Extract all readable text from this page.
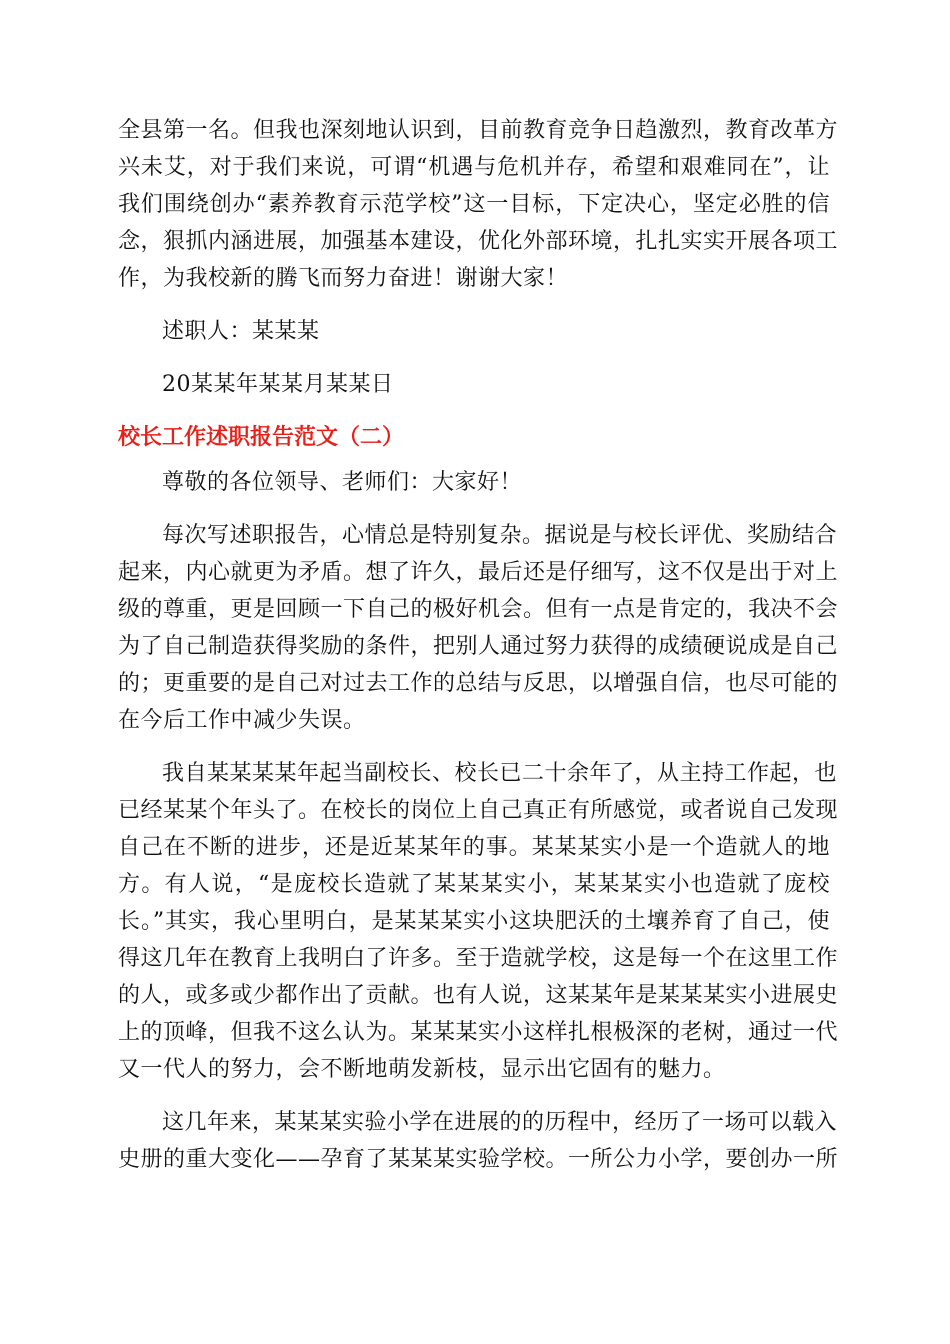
全县第一名。但我也深刻地认识到，目前教育竞争日趋激烈，教育改革方
兴未艾，对于我们来说，可谓“机遇与危机并存，希望和艰难同在”，让
我们围绕创办“素养教育示范学校”这一目标，下定决心，坚定必胜的信
念，狠抓内涵进展，加强基本建设，优化外部环境，扎扎实实开展各项工
作，为我校新的腾飞而努力奋进！谢谢大家！
述职人：某某某
20某某年某某月某某日
校长工作述职报告范文（二）
尊敬的各位领导、老师们：大家好！
每次写述职报告，心情总是特别复杂。据说是与校长评优、奖励结合
起来，内心就更为矛盾。想了许久，最后还是仔细写，这不仅是出于对上
级的尊重，更是回顾一下自己的极好机会。但有一点是肯定的，我决不会
为了自己制造获得奖励的条件，把别人通过努力获得的成绩硬说成是自己
的；更重要的是自己对过去工作的总结与反思，以增强自信，也尽可能的
在今后工作中减少失误。
我自某某某某年起当副校长、校长已二十余年了，从主持工作起，也
已经某某个年头了。在校长的岗位上自己真正有所感觉，或者说自己发现
自己在不断的进步，还是近某某年的事。某某某实小是一个造就人的地
方。有人说，“是庞校长造就了某某某实小，某某某实小也造就了庞校
长。”其实，我心里明白，是某某某实小这块肥沃的土壤养育了自己，使
得这几年在教育上我明白了许多。至于造就学校，这是每一个在这里工作
的人，或多或少都作出了贡献。也有人说，这某某年是某某某实小进展史
上的顶峰，但我不这么认为。某某某实小这样扎根极深的老树，通过一代
又一代人的努力，会不断地萌发新枝，显示出它固有的魅力。
这几年来，某某某实验小学在进展的的历程中，经历了一场可以载入
史册的重大变化——孕育了某某某实验学校。一所公力小学，要创办一所
